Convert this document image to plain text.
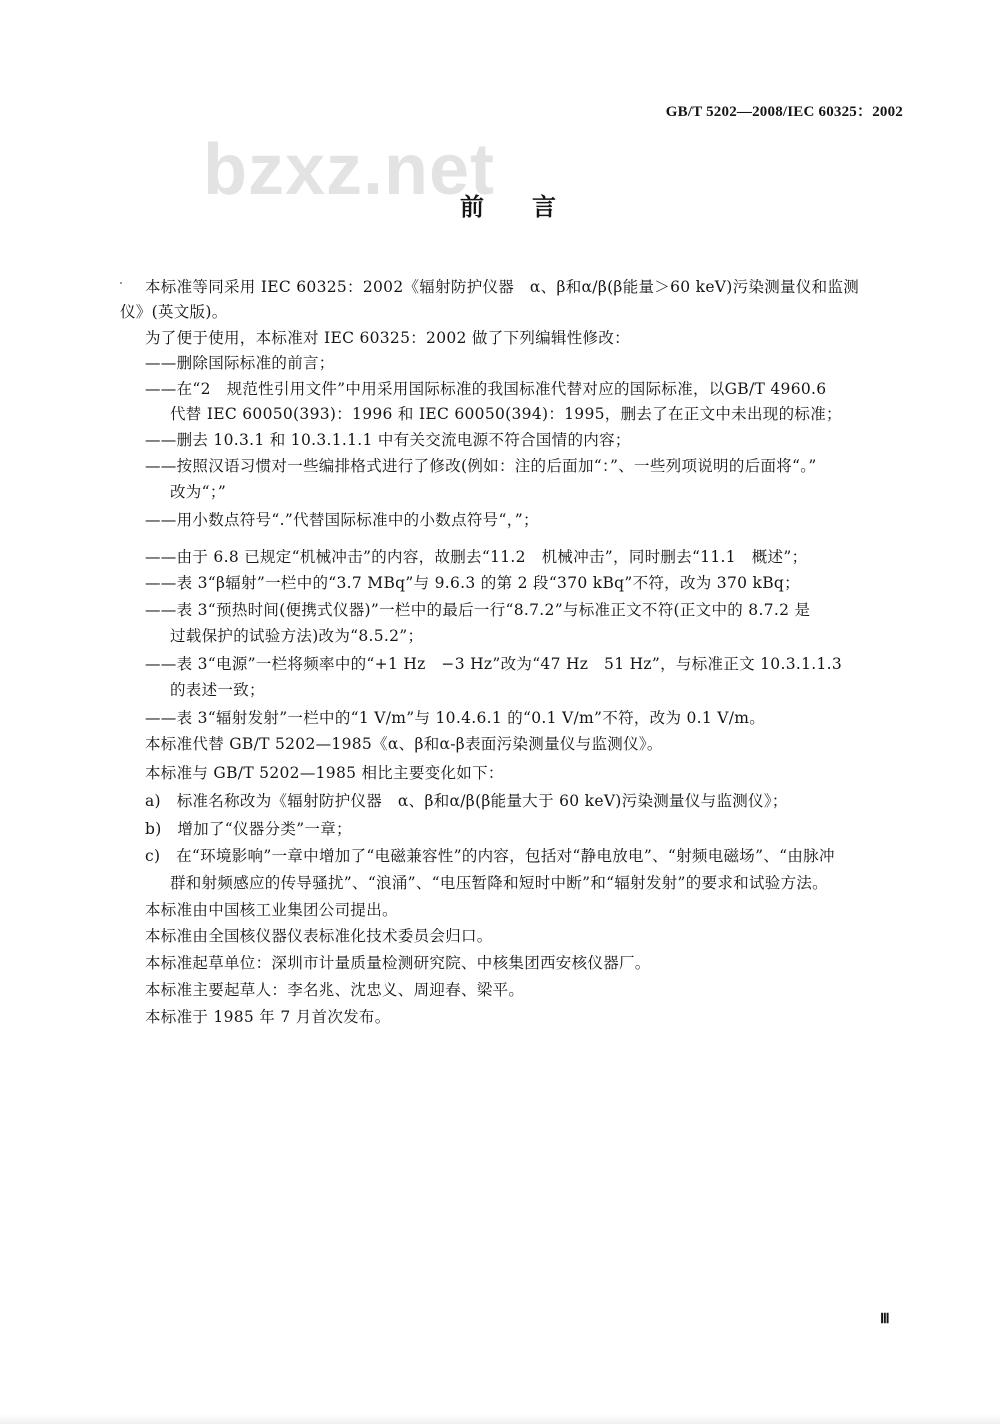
GB/T 5202—2008/IEC 60325：2002
bzxz.net
前　　言
本标准等同采用 IEC 60325：2002《辐射防护仪器　α、β和α/β(β能量＞60 keV)污染测量仪和监测
仪》(英文版)。
为了便于使用，本标准对 IEC 60325：2002 做了下列编辑性修改：
——删除国际标准的前言；
——在“2　规范性引用文件”中用采用国际标准的我国标准代替对应的国际标准，以GB/T 4960.6
代替 IEC 60050(393)：1996 和 IEC 60050(394)：1995，删去了在正文中未出现的标准；
——删去 10.3.1 和 10.3.1.1.1 中有关交流电源不符合国情的内容；
——按照汉语习惯对一些编排格式进行了修改(例如：注的后面加“：”、一些列项说明的后面将“。”
改为“；”
——用小数点符号“.”代替国际标准中的小数点符号“，”；
——由于 6.8 已规定“机械冲击”的内容，故删去“11.2　机械冲击”，同时删去“11.1　概述”；
——表 3“β辐射”一栏中的“3.7 MBq”与 9.6.3 的第 2 段“370 kBq”不符，改为 370 kBq；
——表 3“预热时间(便携式仪器)”一栏中的最后一行“8.7.2”与标准正文不符(正文中的 8.7.2 是
过载保护的试验方法)改为“8.5.2”；
——表 3“电源”一栏将频率中的“+1 Hz　−3 Hz”改为“47 Hz　51 Hz”，与标准正文 10.3.1.1.3
的表述一致；
——表 3“辐射发射”一栏中的“1 V/m”与 10.4.6.1 的“0.1 V/m”不符，改为 0.1 V/m。
本标准代替 GB/T 5202—1985《α、β和α-β表面污染测量仪与监测仪》。
本标准与 GB/T 5202—1985 相比主要变化如下：
a)　标准名称改为《辐射防护仪器　α、β和α/β(β能量大于 60 keV)污染测量仪与监测仪》；
b)　增加了“仪器分类”一章；
c)　在“环境影响”一章中增加了“电磁兼容性”的内容，包括对“静电放电”、“射频电磁场”、“由脉冲
群和射频感应的传导骚扰”、“浪涌”、“电压暂降和短时中断”和“辐射发射”的要求和试验方法。
本标准由中国核工业集团公司提出。
本标准由全国核仪器仪表标准化技术委员会归口。
本标准起草单位：深圳市计量质量检测研究院、中核集团西安核仪器厂。
本标准主要起草人：李名兆、沈忠义、周迎春、梁平。
本标准于 1985 年 7 月首次发布。
Ⅲ
